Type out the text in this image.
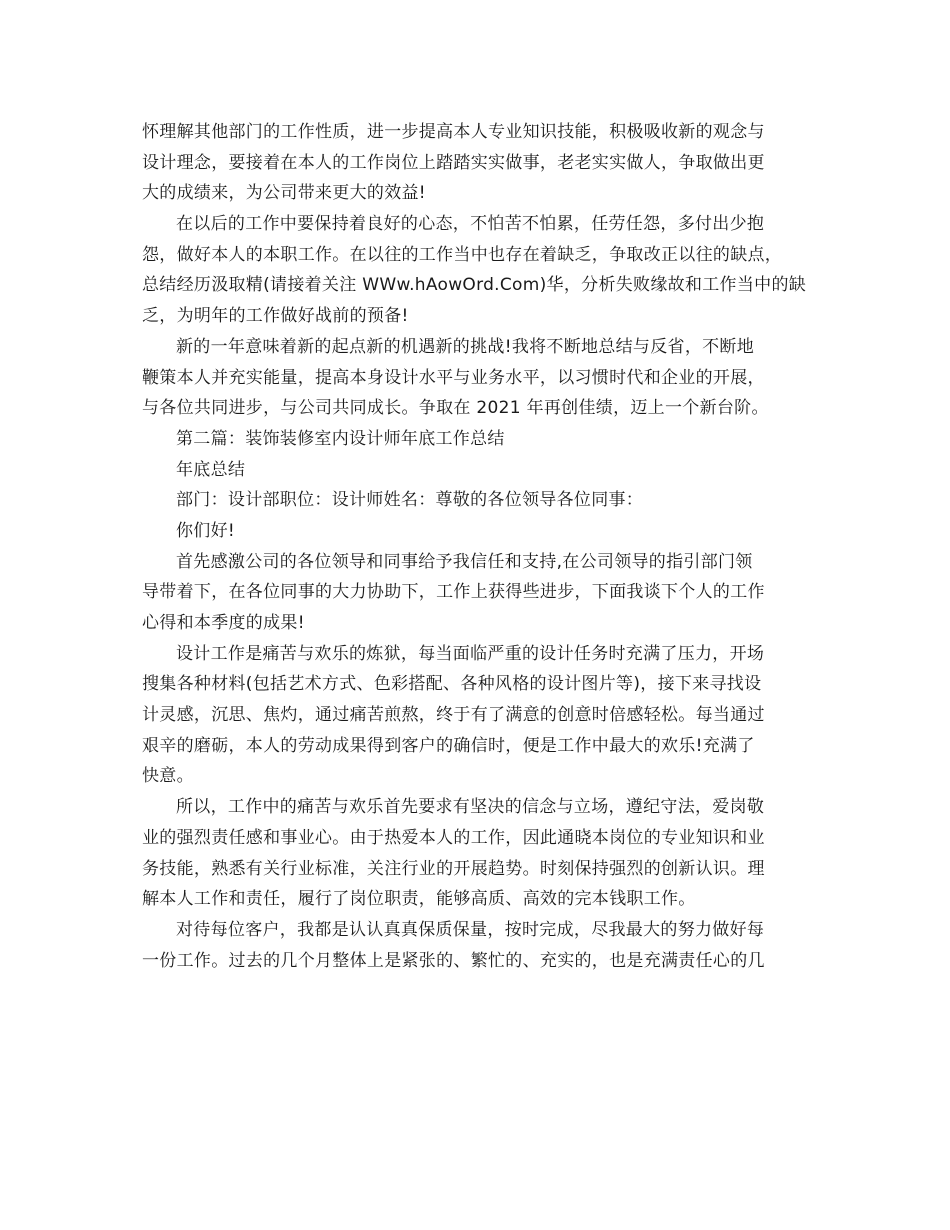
怀理解其他部门的工作性质，进一步提高本人专业知识技能，积极吸收新的观念与
设计理念，要接着在本人的工作岗位上踏踏实实做事，老老实实做人，争取做出更
大的成绩来，为公司带来更大的效益!
在以后的工作中要保持着良好的心态，不怕苦不怕累，任劳任怨，多付出少抱
怨，做好本人的本职工作。在以往的工作当中也存在着缺乏，争取改正以往的缺点，
总结经历汲取精(请接着关注 WWw.hAowOrd.Com)华，分析失败缘故和工作当中的缺
乏，为明年的工作做好战前的预备!
新的一年意味着新的起点新的机遇新的挑战!我将不断地总结与反省，不断地
鞭策本人并充实能量，提高本身设计水平与业务水平，以习惯时代和企业的开展，
与各位共同进步，与公司共同成长。争取在 2021 年再创佳绩，迈上一个新台阶。
第二篇：装饰装修室内设计师年底工作总结
年底总结
部门：设计部职位：设计师姓名：尊敬的各位领导各位同事：
你们好!
首先感激公司的各位领导和同事给予我信任和支持,在公司领导的指引部门领
导带着下，在各位同事的大力协助下，工作上获得些进步，下面我谈下个人的工作
心得和本季度的成果!
设计工作是痛苦与欢乐的炼狱，每当面临严重的设计任务时充满了压力，开场
搜集各种材料(包括艺术方式、色彩搭配、各种风格的设计图片等)，接下来寻找设
计灵感，沉思、焦灼，通过痛苦煎熬，终于有了满意的创意时倍感轻松。每当通过
艰辛的磨砺，本人的劳动成果得到客户的确信时，便是工作中最大的欢乐!充满了
快意。
所以，工作中的痛苦与欢乐首先要求有坚决的信念与立场，遵纪守法，爱岗敬
业的强烈责任感和事业心。由于热爱本人的工作，因此通晓本岗位的专业知识和业
务技能，熟悉有关行业标准，关注行业的开展趋势。时刻保持强烈的创新认识。理
解本人工作和责任，履行了岗位职责，能够高质、高效的完本钱职工作。
对待每位客户，我都是认认真真保质保量，按时完成，尽我最大的努力做好每
一份工作。过去的几个月整体上是紧张的、繁忙的、充实的，也是充满责任心的几
